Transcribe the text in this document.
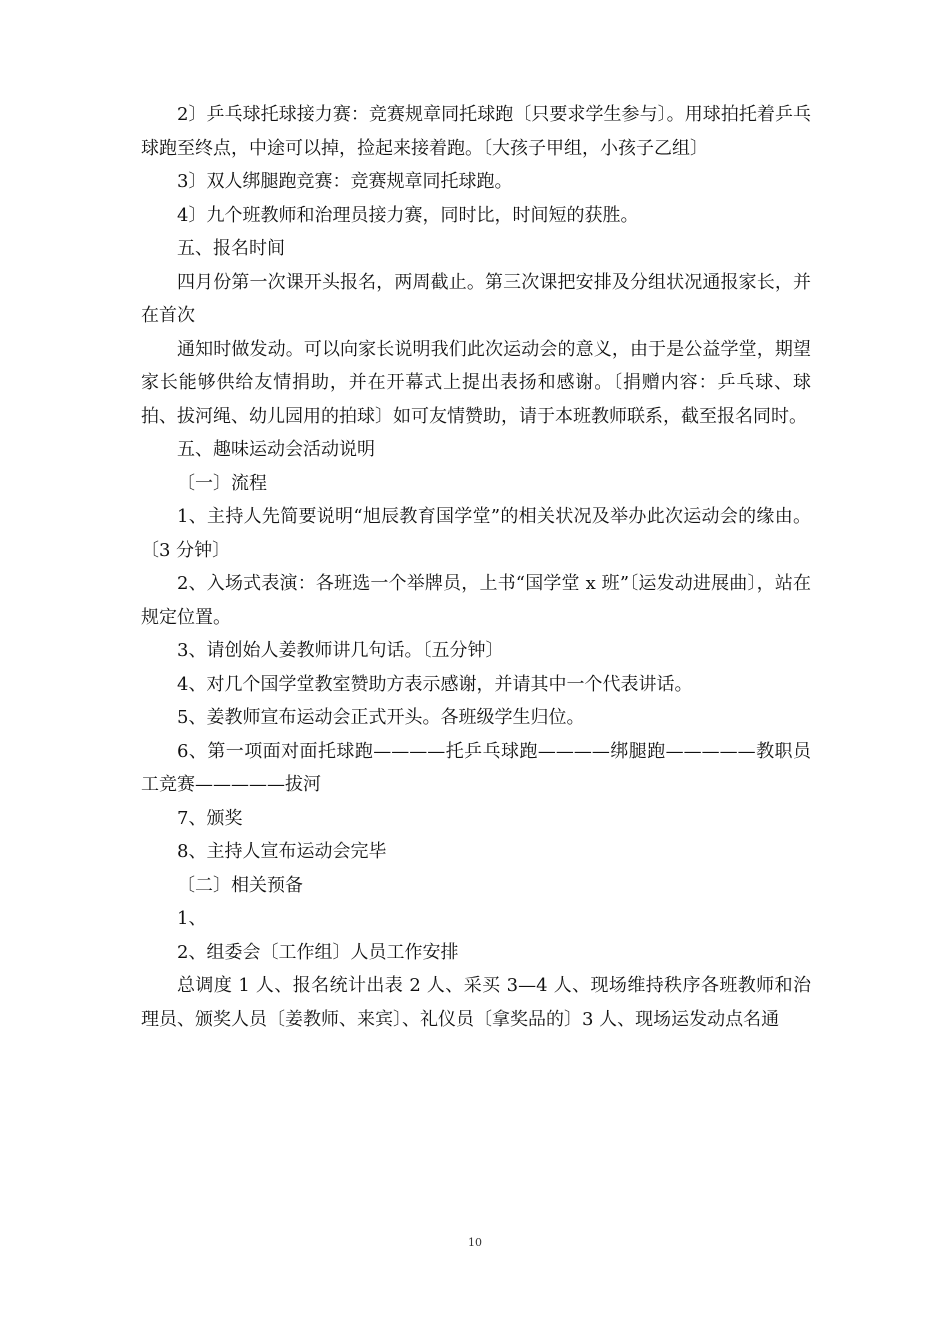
2〕乒乓球托球接力赛：竞赛规章同托球跑〔只要求学生参与〕。用球拍托着乒乓球跑至终点，中途可以掉，捡起来接着跑。〔大孩子甲组，小孩子乙组〕

3〕双人绑腿跑竞赛：竞赛规章同托球跑。

4〕九个班教师和治理员接力赛，同时比，时间短的获胜。

五、报名时间

四月份第一次课开头报名，两周截止。第三次课把安排及分组状况通报家长，并在首次

通知时做发动。可以向家长说明我们此次运动会的意义，由于是公益学堂，期望家长能够供给友情捐助，并在开幕式上提出表扬和感谢。〔捐赠内容：乒乓球、球拍、拔河绳、幼儿园用的拍球〕如可友情赞助，请于本班教师联系，截至报名同时。

五、趣味运动会活动说明

〔一〕流程

1、主持人先简要说明“旭辰教育国学堂”的相关状况及举办此次运动会的缘由。〔3 分钟〕

2、入场式表演：各班选一个举牌员，上书“国学堂 x 班”〔运发动进展曲〕，站在规定位置。

3、请创始人姜教师讲几句话。〔五分钟〕

4、对几个国学堂教室赞助方表示感谢，并请其中一个代表讲话。

5、姜教师宣布运动会正式开头。各班级学生归位。

6、第一项面对面托球跑————托乒乓球跑————绑腿跑—————教职员工竞赛—————拔河

7、颁奖

8、主持人宣布运动会完毕

〔二〕相关预备

1、

2、组委会〔工作组〕人员工作安排

总调度 1 人、报名统计出表 2 人、采买 3—4 人、现场维持秩序各班教师和治理员、颁奖人员〔姜教师、来宾〕、礼仪员〔拿奖品的〕3 人、现场运发动点名通

10
